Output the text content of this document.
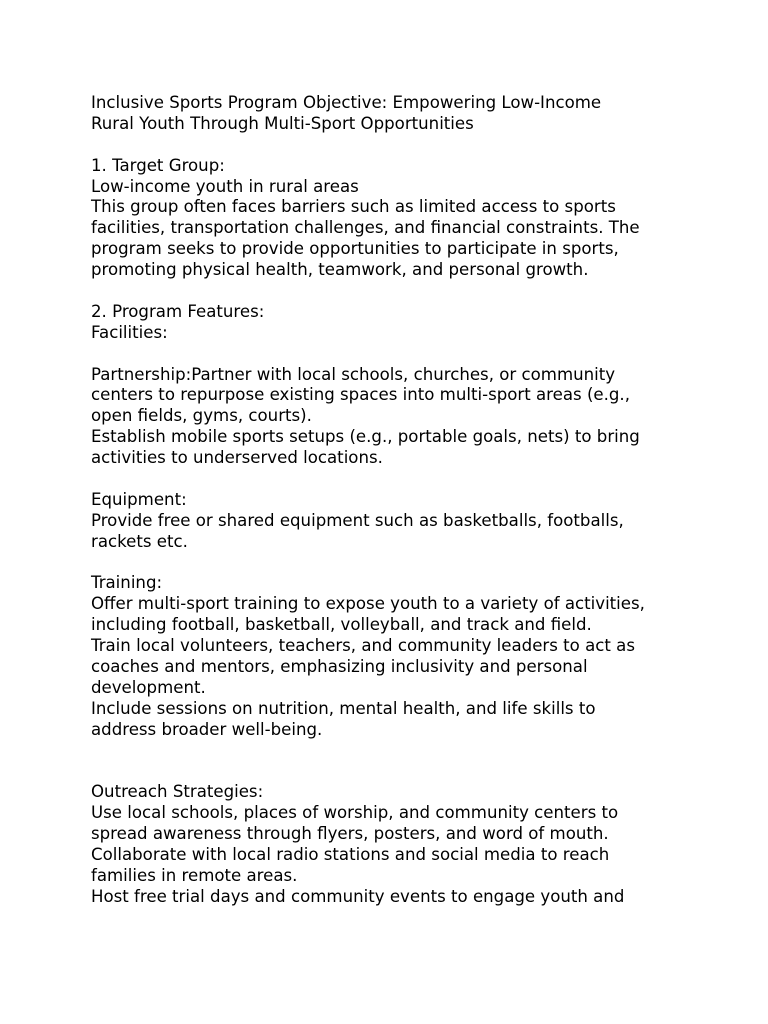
Inclusive Sports Program Objective: Empowering Low-Income
Rural Youth Through Multi-Sport Opportunities
1. Target Group:
Low-income youth in rural areas
This group often faces barriers such as limited access to sports
facilities, transportation challenges, and financial constraints. The
program seeks to provide opportunities to participate in sports,
promoting physical health, teamwork, and personal growth.
2. Program Features:
Facilities:
Partnership:Partner with local schools, churches, or community
centers to repurpose existing spaces into multi-sport areas (e.g.,
open fields, gyms, courts).
Establish mobile sports setups (e.g., portable goals, nets) to bring
activities to underserved locations.
Equipment:
Provide free or shared equipment such as basketballs, footballs,
rackets etc.
Training:
Offer multi-sport training to expose youth to a variety of activities,
including football, basketball, volleyball, and track and field.
Train local volunteers, teachers, and community leaders to act as
coaches and mentors, emphasizing inclusivity and personal
development.
Include sessions on nutrition, mental health, and life skills to
address broader well-being.
Outreach Strategies:
Use local schools, places of worship, and community centers to
spread awareness through flyers, posters, and word of mouth.
Collaborate with local radio stations and social media to reach
families in remote areas.
Host free trial days and community events to engage youth and
